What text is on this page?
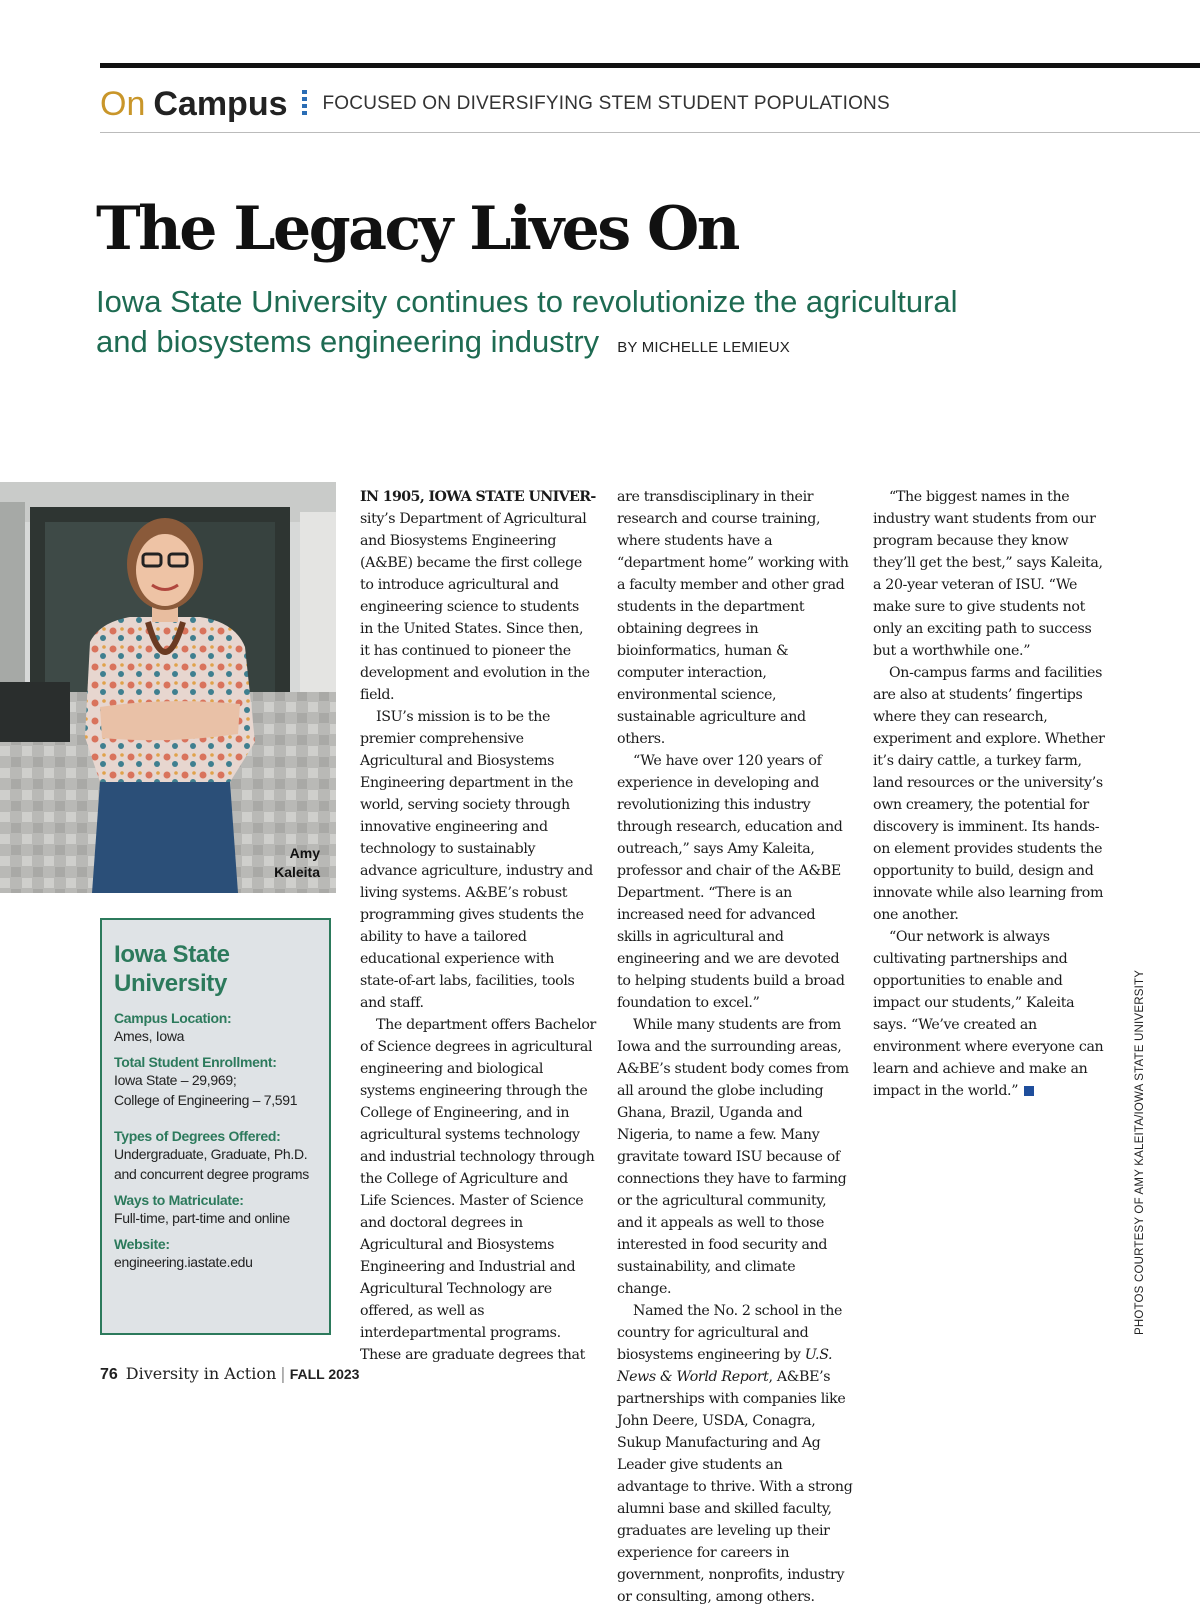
On Campus FOCUSED ON DIVERSIFYING STEM STUDENT POPULATIONS
The Legacy Lives On
Iowa State University continues to revolutionize the agricultural and biosystems engineering industry BY MICHELLE LEMIEUX
Amy
Kaleita
Iowa State University
Campus Location:
Ames, Iowa
Total Student Enrollment:
Iowa State – 29,969;
College of Engineering – 7,591
Types of Degrees Offered:
Undergraduate, Graduate, Ph.D. and concurrent degree programs
Ways to Matriculate:
Full-time, part-time and online
Website:
engineering.iastate.edu

IN 1905, IOWA STATE UNIVER-sity’s Department of Agricultural and Biosystems Engineering (A&BE) became the first college to introduce agricultural and engineering science to students in the United States. Since then, it has continued to pioneer the development and evolution in the field.

ISU’s mission is to be the premier comprehensive Agricultural and Biosystems Engineering department in the world, serving society through innovative engineering and technology to sustainably advance agriculture, industry and living systems. A&BE’s robust programming gives students the ability to have a tailored educational experience with state-of-art labs, facilities, tools and staff.

The department offers Bachelor of Science degrees in agricultural engineering and biological systems engineering through the College of Engineering, and in agricultural systems technology and industrial technology through the College of Agriculture and Life Sciences. Master of Science and doctoral degrees in Agricultural and Biosystems Engineering and Industrial and Agricultural Technology are offered, as well as interdepartmental programs. These are graduate degrees that

are transdisciplinary in their research and course training, where students have a “department home” working with a faculty member and other grad students in the department obtaining degrees in bioinformatics, human & computer interaction, environmental science, sustainable agriculture and others.

“We have over 120 years of experience in developing and revolutionizing this industry through research, education and outreach,” says Amy Kaleita, professor and chair of the A&BE Department. “There is an increased need for advanced skills in agricultural and engineering and we are devoted to helping students build a broad foundation to excel.”

While many students are from Iowa and the surrounding areas, A&BE’s student body comes from all around the globe including Ghana, Brazil, Uganda and Nigeria, to name a few. Many gravitate toward ISU because of connections they have to farming or the agricultural community, and it appeals as well to those interested in food security and sustainability, and climate change.

Named the No. 2 school in the country for agricultural and biosystems engineering by U.S. News & World Report, A&BE’s partnerships with companies like John Deere, USDA, Conagra, Sukup Manufacturing and Ag Leader give students an advantage to thrive. With a strong alumni base and skilled faculty, graduates are leveling up their experience for careers in government, nonprofits, industry or consulting, among others.

“The biggest names in the industry want students from our program because they know they’ll get the best,” says Kaleita, a 20-year veteran of ISU. “We make sure to give students not only an exciting path to success but a worthwhile one.”

On-campus farms and facilities are also at students’ fingertips where they can research, experiment and explore. Whether it’s dairy cattle, a turkey farm, land resources or the university’s own creamery, the potential for discovery is imminent. Its hands-on element provides students the opportunity to build, design and innovate while also learning from one another.

“Our network is always cultivating partnerships and opportunities to enable and impact our students,” Kaleita says. “We’ve created an environment where everyone can learn and achieve and make an impact in the world.”	PHOTOS COURTESY OF AMY KALEITA/IOWA STATE UNIVERSITY
76 Diversity in Action | FALL 2023
